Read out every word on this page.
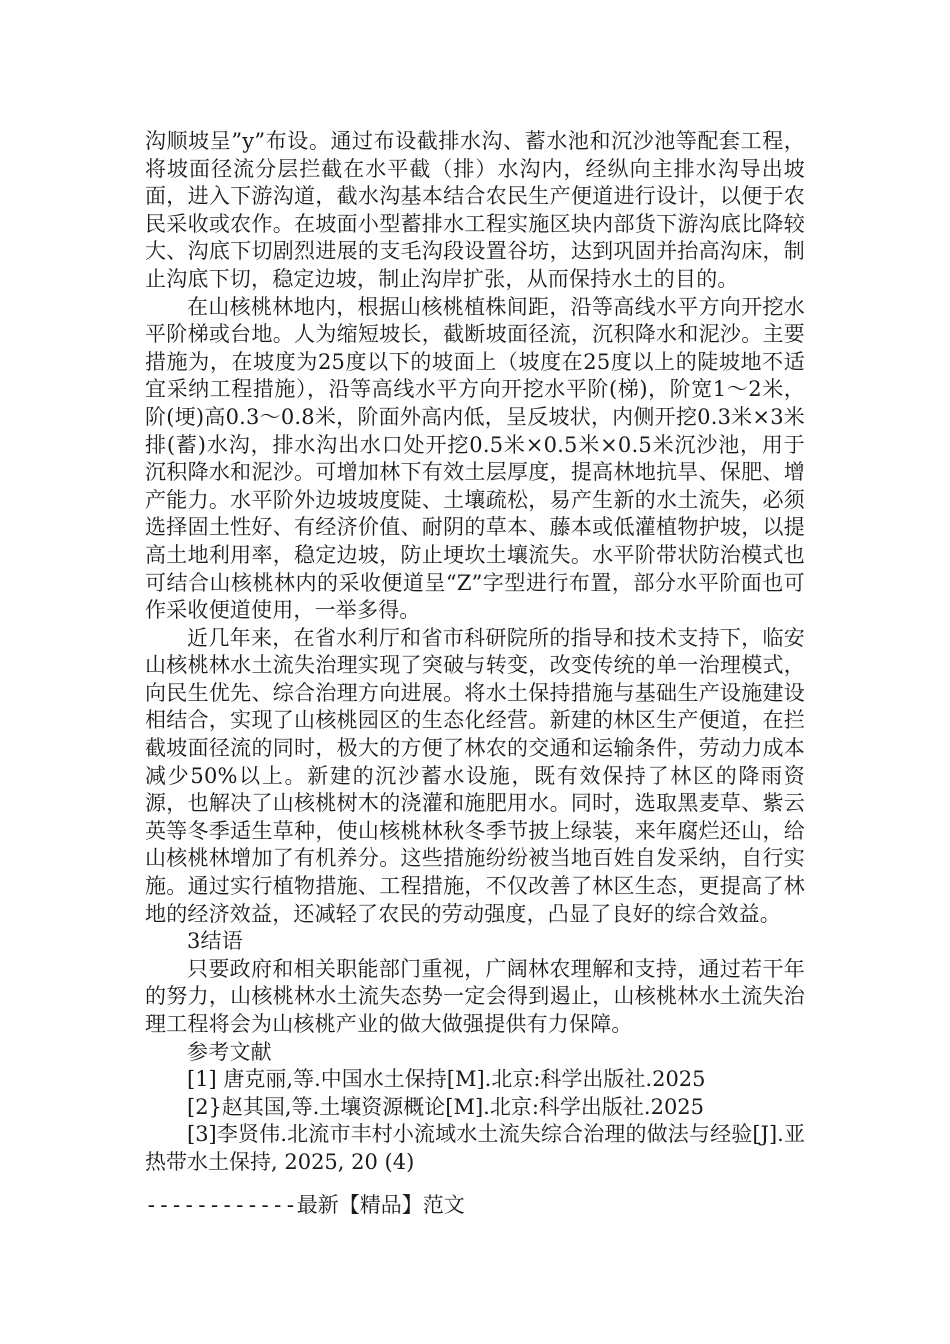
沟顺坡呈”y”布设。通过布设截排水沟、蓄水池和沉沙池等配套工程，将坡面径流分层拦截在水平截（排）水沟内，经纵向主排水沟导出坡面，进入下游沟道，截水沟基本结合农民生产便道进行设计，以便于农民采收或农作。在坡面小型蓄排水工程实施区块内部货下游沟底比降较大、沟底下切剧烈进展的支毛沟段设置谷坊，达到巩固并抬高沟床，制止沟底下切，稳定边坡，制止沟岸扩张，从而保持水土的目的。

在山核桃林地内，根据山核桃植株间距，沿等高线水平方向开挖水平阶梯或台地。人为缩短坡长，截断坡面径流，沉积降水和泥沙。主要措施为，在坡度为25度以下的坡面上（坡度在25度以上的陡坡地不适宜采纳工程措施），沿等高线水平方向开挖水平阶(梯)，阶宽1～2米，阶(埂)高0.3～0.8米，阶面外高内低，呈反坡状，内侧开挖0.3米×3米排(蓄)水沟，排水沟出水口处开挖0.5米×0.5米×0.5米沉沙池，用于沉积降水和泥沙。可增加林下有效土层厚度，提高林地抗旱、保肥、增产能力。水平阶外边坡坡度陡、土壤疏松，易产生新的水土流失，必须选择固土性好、有经济价值、耐阴的草本、藤本或低灌植物护坡，以提高土地利用率，稳定边坡，防止埂坎土壤流失。水平阶带状防治模式也可结合山核桃林内的采收便道呈“Z”字型进行布置，部分水平阶面也可作采收便道使用，一举多得。

近几年来，在省水利厅和省市科研院所的指导和技术支持下，临安山核桃林水土流失治理实现了突破与转变，改变传统的单一治理模式，向民生优先、综合治理方向进展。将水土保持措施与基础生产设施建设相结合，实现了山核桃园区的生态化经营。新建的林区生产便道，在拦截坡面径流的同时，极大的方便了林农的交通和运输条件，劳动力成本减少50%以上。新建的沉沙蓄水设施，既有效保持了林区的降雨资源，也解决了山核桃树木的浇灌和施肥用水。同时，选取黑麦草、紫云英等冬季适生草种，使山核桃林秋冬季节披上绿装，来年腐烂还山，给山核桃林增加了有机养分。这些措施纷纷被当地百姓自发采纳，自行实施。通过实行植物措施、工程措施，不仅改善了林区生态，更提高了林地的经济效益，还减轻了农民的劳动强度，凸显了良好的综合效益。

3结语

只要政府和相关职能部门重视，广阔林农理解和支持，通过若干年的努力，山核桃林水土流失态势一定会得到遏止，山核桃林水土流失治理工程将会为山核桃产业的做大做强提供有力保障。

参考文献

[1] 唐克丽,等.中国水土保持[M].北京:科学出版社.2025

[2}赵其国,等.土壤资源概论[M].北京:科学出版社.2025

[3]李贤伟.北流市丰村小流域水土流失综合治理的做法与经验[J].亚热带水土保持, 2025, 20 (4)

------------最新【精品】范文
